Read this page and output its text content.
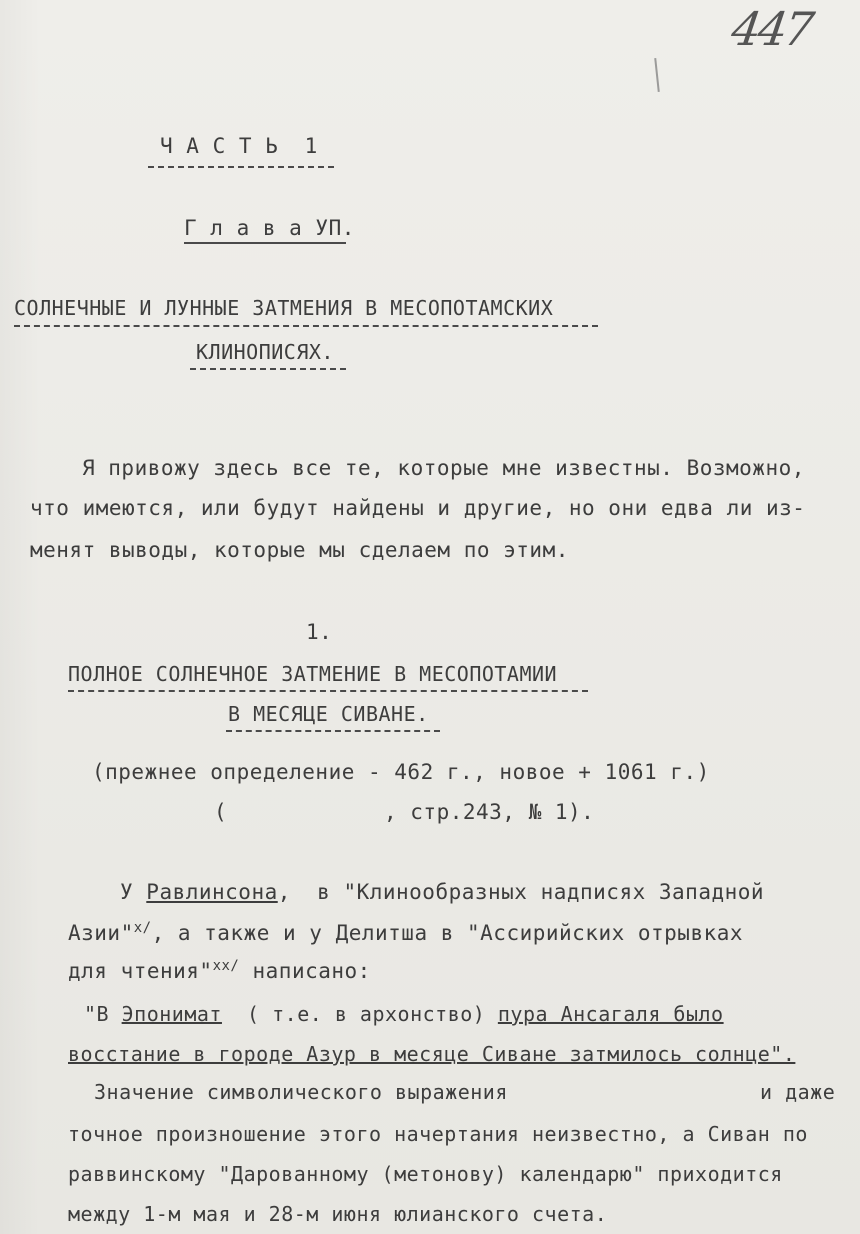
447
Ч А С Т Ь  1
Г л а в а УП.
СОЛНЕЧНЫЕ И ЛУННЫЕ ЗАТМЕНИЯ В МЕСОПОТАМСКИХ
КЛИНОПИСЯХ.
Я привожу здесь все те, которые мне известны. Возможно,
что имеются, или будут найдены и другие, но они едва ли из-
менят выводы, которые мы сделаем по этим.
1.
ПОЛНОЕ СОЛНЕЧНОЕ ЗАТМЕНИЕ В МЕСОПОТАМИИ
В МЕСЯЦЕ СИВАНЕ.
(прежнее определение - 462 г., новое + 1061 г.)
(	, стр.243, № 1).
У Равлинсона,  в "Клинообразных надписях Западной
Азии"$^{x/}$, а также и у Делитша в "Ассирийских отрывках
для чтения"$^{xx/}$ написано:
"В Эпонимат  ( т.е. в архонство) пура Ансагаля было
восстание в городе Азур в месяце Сиване затмилось солнце".
Значение символического выражения	и даже
точное произношение этого начертания неизвестно, а Сиван по
раввинскому "Дарованному (метонову) календарю" приходится
между 1-м мая и 28-м июня юлианского счета.
